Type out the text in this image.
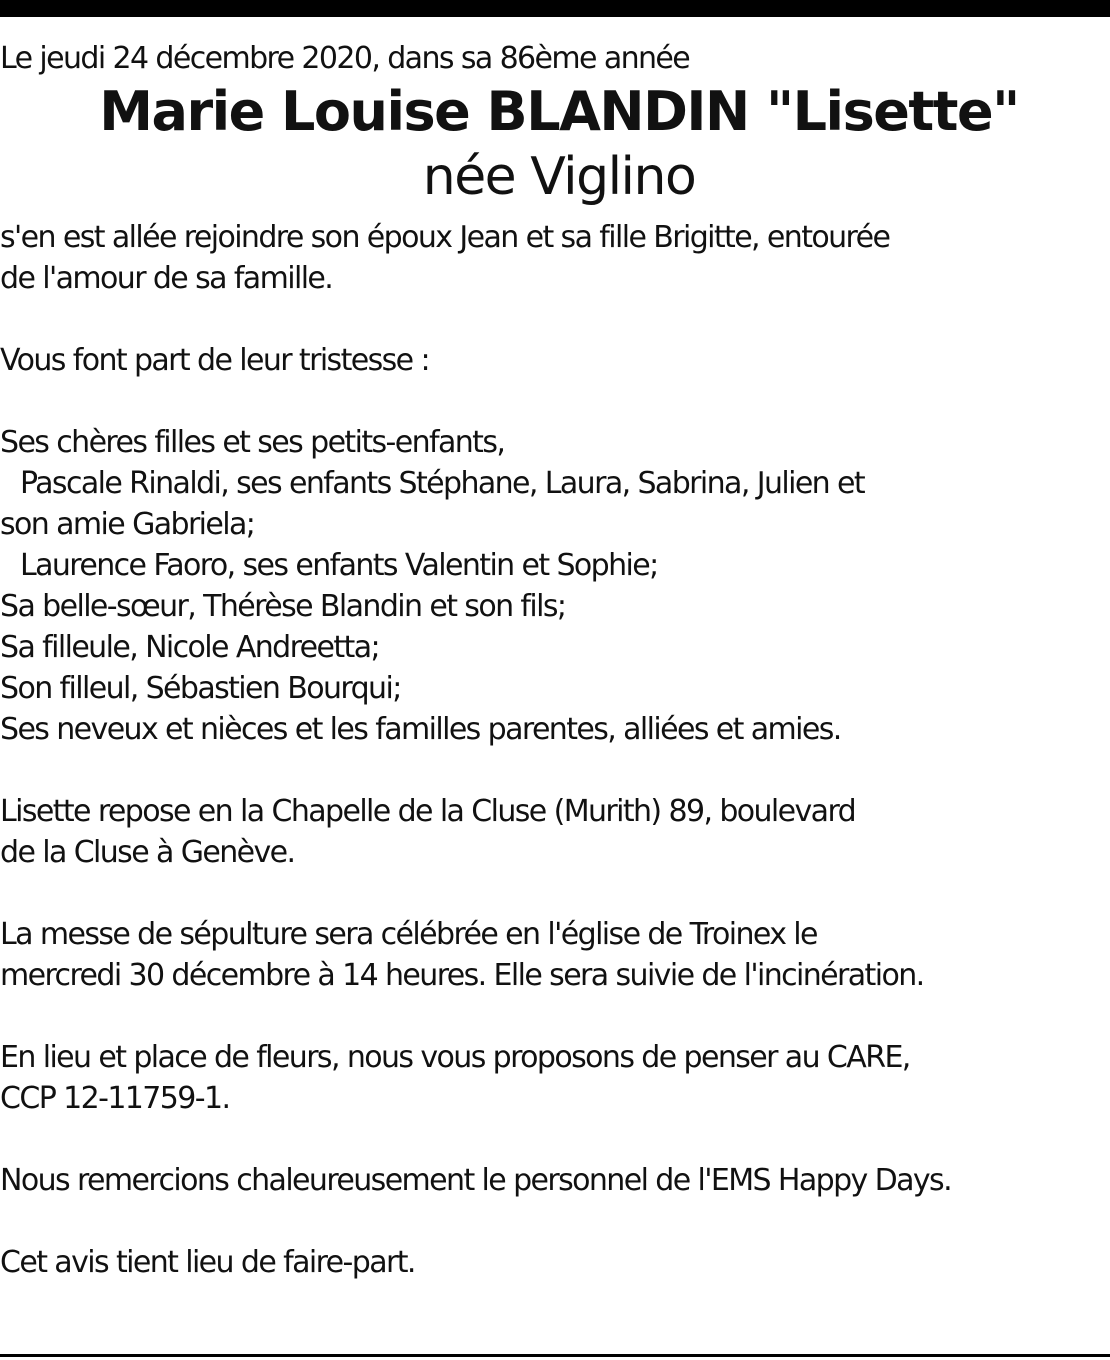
Le jeudi 24 décembre 2020, dans sa 86ème année

Marie Louise BLANDIN "Lisette"

née Viglino

s'en est allée rejoindre son époux Jean et sa fille Brigitte, entourée

de l'amour de sa famille.

Vous font part de leur tristesse :

Ses chères filles et ses petits-enfants,

Pascale Rinaldi, ses enfants Stéphane, Laura, Sabrina, Julien et

son amie Gabriela;

Laurence Faoro, ses enfants Valentin et Sophie;

Sa belle-sœur, Thérèse Blandin et son fils;

Sa filleule, Nicole Andreetta;

Son filleul, Sébastien Bourqui;

Ses neveux et nièces et les familles parentes, alliées et amies.

Lisette repose en la Chapelle de la Cluse (Murith) 89, boulevard

de la Cluse à Genève.

La messe de sépulture sera célébrée en l'église de Troinex le

mercredi 30 décembre à 14 heures. Elle sera suivie de l'incinération.

En lieu et place de fleurs, nous vous proposons de penser au CARE,

CCP 12-11759-1.

Nous remercions chaleureusement le personnel de l'EMS Happy Days.

Cet avis tient lieu de faire-part.
